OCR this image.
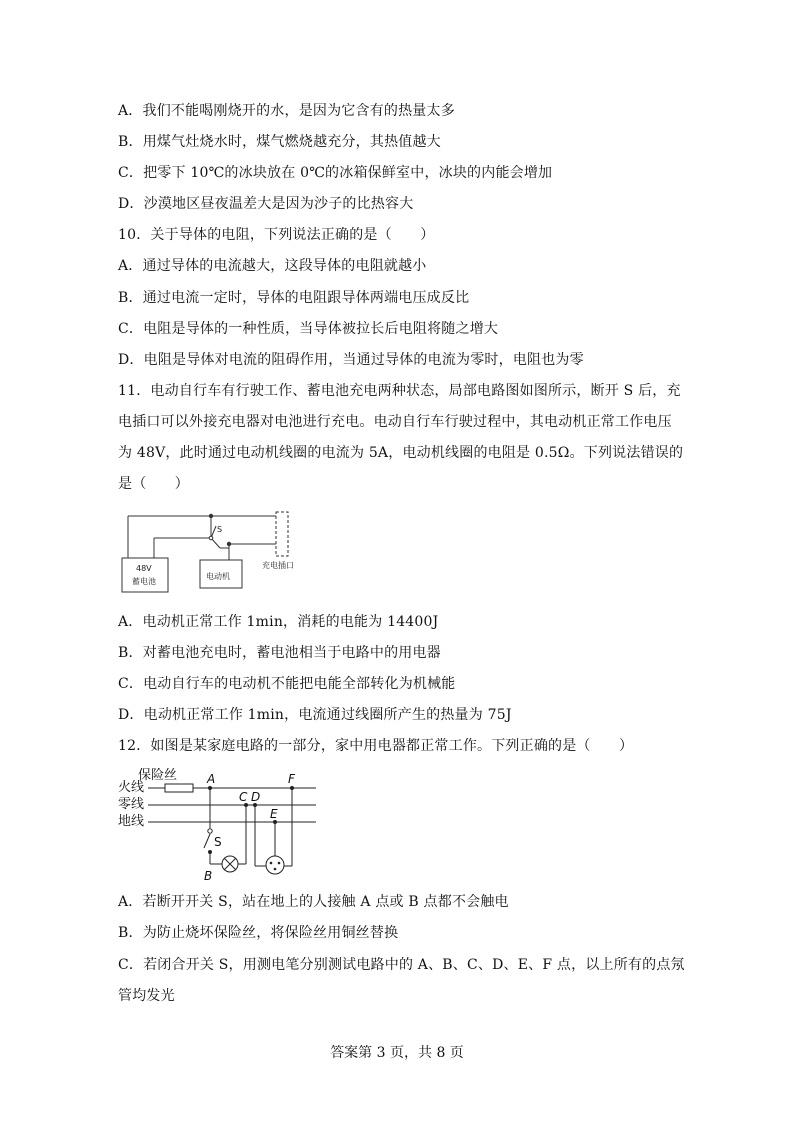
A．我们不能喝刚烧开的水，是因为它含有的热量太多
B．用煤气灶烧水时，煤气燃烧越充分，其热值越大
C．把零下 10℃的冰块放在 0℃的冰箱保鲜室中，冰块的内能会增加
D．沙漠地区昼夜温差大是因为沙子的比热容大
10．关于导体的电阻，下列说法正确的是（　　）
A．通过导体的电流越大，这段导体的电阻就越小
B．通过电流一定时，导体的电阻跟导体两端电压成反比
C．电阻是导体的一种性质，当导体被拉长后电阻将随之增大
D．电阻是导体对电流的阻碍作用，当通过导体的电流为零时，电阻也为零
11．电动自行车有行驶工作、蓄电池充电两种状态，局部电路图如图所示，断开 S 后，充
电插口可以外接充电器对电池进行充电。电动自行车行驶过程中，其电动机正常工作电压
为 48V，此时通过电动机线圈的电流为 5A，电动机线圈的电阻是 0.5Ω。下列说法错误的
是（　　）
S
48V
蓄电池
电动机
充电插口
A．电动机正常工作 1min，消耗的电能为 14400J
B．对蓄电池充电时，蓄电池相当于电路中的用电器
C．电动自行车的电动机不能把电能全部转化为机械能
D．电动机正常工作 1min，电流通过线圈所产生的热量为 75J
12．如图是某家庭电路的一部分，家中用电器都正常工作。下列正确的是（　　）
火线
零线
地线
保险丝 A
C D
E
F
S
B
A．若断开开关 S，站在地上的人接触 A 点或 B 点都不会触电
B．为防止烧坏保险丝，将保险丝用铜丝替换
C．若闭合开关 S，用测电笔分别测试电路中的 A、B、C、D、E、F 点，以上所有的点氖
管均发光
答案第 3 页，共 8 页
